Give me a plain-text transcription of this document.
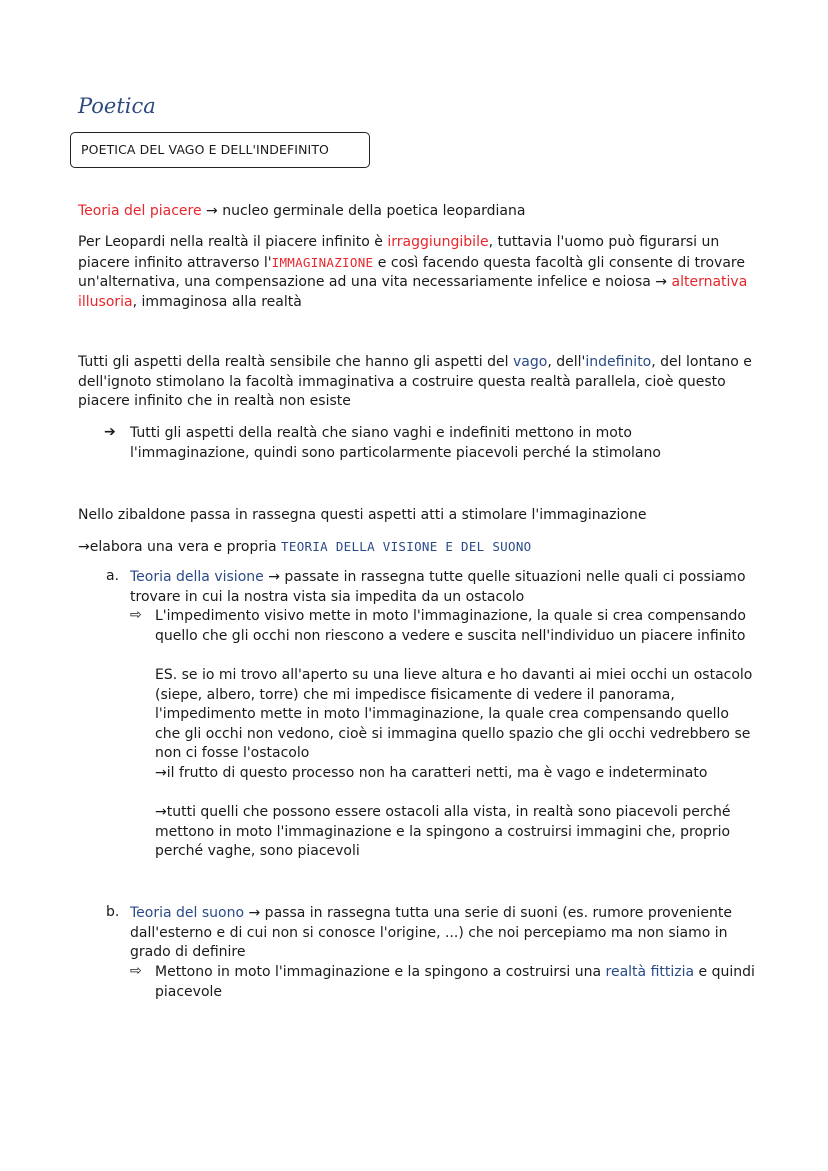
Poetica
POETICA DEL VAGO E DELL'INDEFINITO
Teoria del piacere → nucleo germinale della poetica leopardiana
Per Leopardi nella realtà il piacere infinito è irraggiungibile, tuttavia l'uomo può figurarsi un piacere infinito attraverso l'IMMAGINAZIONE e così facendo questa facoltà gli consente di trovare un'alternativa, una compensazione ad una vita necessariamente infelice e noiosa → alternativa illusoria, immaginosa alla realtà
Tutti gli aspetti della realtà sensibile che hanno gli aspetti del vago, dell'indefinito, del lontano e dell'ignoto stimolano la facoltà immaginativa a costruire questa realtà parallela, cioè questo piacere infinito che in realtà non esiste
➔ Tutti gli aspetti della realtà che siano vaghi e indefiniti mettono in moto l'immaginazione, quindi sono particolarmente piacevoli perché la stimolano
Nello zibaldone passa in rassegna questi aspetti atti a stimolare l'immaginazione
→elabora una vera e propria TEORIA DELLA VISIONE E DEL SUONO
a. Teoria della visione → passate in rassegna tutte quelle situazioni nelle quali ci possiamo trovare in cui la nostra vista sia impedita da un ostacolo
⇨ L'impedimento visivo mette in moto l'immaginazione, la quale si crea compensando quello che gli occhi non riescono a vedere e suscita nell'individuo un piacere infinito
ES. se io mi trovo all'aperto su una lieve altura e ho davanti ai miei occhi un ostacolo (siepe, albero, torre) che mi impedisce fisicamente di vedere il panorama, l'impedimento mette in moto l'immaginazione, la quale crea compensando quello che gli occhi non vedono, cioè si immagina quello spazio che gli occhi vedrebbero se non ci fosse l'ostacolo
→il frutto di questo processo non ha caratteri netti, ma è vago e indeterminato
→tutti quelli che possono essere ostacoli alla vista, in realtà sono piacevoli perché mettono in moto l'immaginazione e la spingono a costruirsi immagini che, proprio perché vaghe, sono piacevoli
b. Teoria del suono → passa in rassegna tutta una serie di suoni (es. rumore proveniente dall'esterno e di cui non si conosce l'origine, ...) che noi percepiamo ma non siamo in grado di definire
⇨ Mettono in moto l'immaginazione e la spingono a costruirsi una realtà fittizia e quindi piacevole
